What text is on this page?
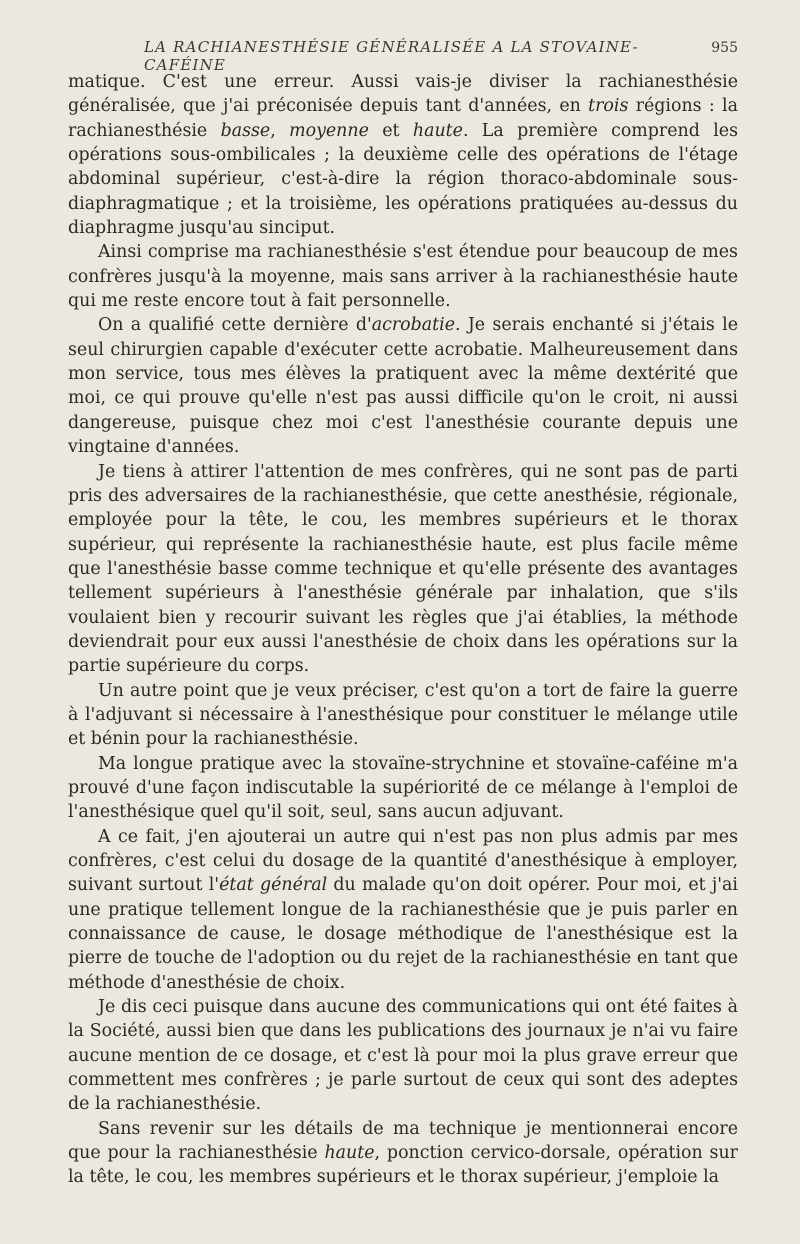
LA RACHIANESTHÉSIE GÉNÉRALISÉE A LA STOVAINE-CAFÉINE
955

matique. C'est une erreur. Aussi vais-je diviser la rachianesthésie généralisée, que j'ai préconisée depuis tant d'années, en trois régions : la rachianesthésie basse, moyenne et haute. La première comprend les opérations sous-ombilicales ; la deuxième celle des opérations de l'étage abdominal supérieur, c'est-à-dire la région thoraco-abdominale sous-diaphragmatique ; et la troisième, les opérations pratiquées au-dessus du diaphragme jusqu'au sinciput.

Ainsi comprise ma rachianesthésie s'est étendue pour beaucoup de mes confrères jusqu'à la moyenne, mais sans arriver à la rachianesthésie haute qui me reste encore tout à fait personnelle.

On a qualifié cette dernière d'acrobatie. Je serais enchanté si j'étais le seul chirurgien capable d'exécuter cette acrobatie. Malheureusement dans mon service, tous mes élèves la pratiquent avec la même dextérité que moi, ce qui prouve qu'elle n'est pas aussi difficile qu'on le croit, ni aussi dangereuse, puisque chez moi c'est l'anesthésie courante depuis une vingtaine d'années.

Je tiens à attirer l'attention de mes confrères, qui ne sont pas de parti pris des adversaires de la rachianesthésie, que cette anesthésie, régionale, employée pour la tête, le cou, les membres supérieurs et le thorax supérieur, qui représente la rachianesthésie haute, est plus facile même que l'anesthésie basse comme technique et qu'elle présente des avantages tellement supérieurs à l'anesthésie générale par inhalation, que s'ils voulaient bien y recourir suivant les règles que j'ai établies, la méthode deviendrait pour eux aussi l'anesthésie de choix dans les opérations sur la partie supérieure du corps.

Un autre point que je veux préciser, c'est qu'on a tort de faire la guerre à l'adjuvant si nécessaire à l'anesthésique pour constituer le mélange utile et bénin pour la rachianesthésie.

Ma longue pratique avec la stovaïne-strychnine et stovaïne-caféine m'a prouvé d'une façon indiscutable la supériorité de ce mélange à l'emploi de l'anesthésique quel qu'il soit, seul, sans aucun adjuvant.

A ce fait, j'en ajouterai un autre qui n'est pas non plus admis par mes confrères, c'est celui du dosage de la quantité d'anesthésique à employer, suivant surtout l'état général du malade qu'on doit opérer. Pour moi, et j'ai une pratique tellement longue de la rachianesthésie que je puis parler en connaissance de cause, le dosage méthodique de l'anesthésique est la pierre de touche de l'adoption ou du rejet de la rachianesthésie en tant que méthode d'anesthésie de choix.

Je dis ceci puisque dans aucune des communications qui ont été faites à la Société, aussi bien que dans les publications des journaux je n'ai vu faire aucune mention de ce dosage, et c'est là pour moi la plus grave erreur que commettent mes confrères ; je parle surtout de ceux qui sont des adeptes de la rachianesthésie.

Sans revenir sur les détails de ma technique je mentionnerai encore que pour la rachianesthésie haute, ponction cervico-dorsale, opération sur la tête, le cou, les membres supérieurs et le thorax supérieur, j'emploie la
